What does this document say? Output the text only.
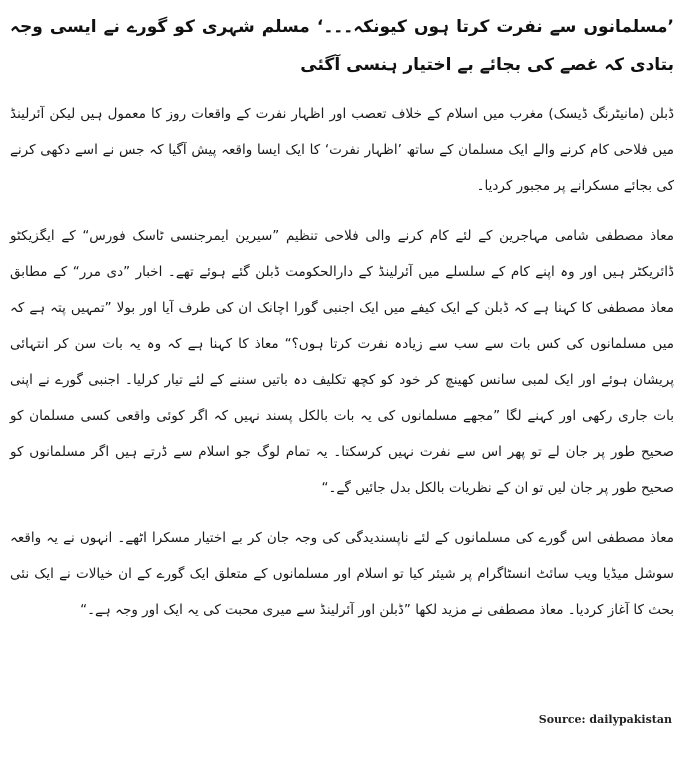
’مسلمانوں سے نفرت کرتا ہوں کیونکہ۔۔۔‘ مسلم شہری کو گورے نے ایسی وجہ بتادی کہ غصے کی بجائے بے اختیار ہنسی آگئی

ڈبلن (مانیٹرنگ ڈیسک) مغرب میں اسلام کے خلاف تعصب اور اظہار نفرت کے واقعات روز کا معمول ہیں لیکن آئرلینڈ میں فلاحی کام کرنے والے ایک مسلمان کے ساتھ ’اظہار نفرت‘ کا ایک ایسا واقعہ پیش آگیا کہ جس نے اسے دکھی کرنے کی بجائے مسکرانے پر مجبور کردیا۔

معاذ مصطفی شامی مہاجرین کے لئے کام کرنے والی فلاحی تنظیم ”سیرین ایمرجنسی ٹاسک فورس“ کے ایگزیکٹو ڈائریکٹر ہیں اور وہ اپنے کام کے سلسلے میں آئرلینڈ کے دارالحکومت ڈبلن گئے ہوئے تھے۔ اخبار ”دی مرر“ کے مطابق معاذ مصطفی کا کہنا ہے کہ ڈبلن کے ایک کیفے میں ایک اجنبی گورا اچانک ان کی طرف آیا اور بولا ”تمہیں پتہ ہے کہ میں مسلمانوں کی کس بات سے سب سے زیادہ نفرت کرتا ہوں؟“ معاذ کا کہنا ہے کہ وہ یہ بات سن کر انتہائی پریشان ہوئے اور ایک لمبی سانس کھینچ کر خود کو کچھ تکلیف دہ باتیں سننے کے لئے تیار کرلیا۔ اجنبی گورے نے اپنی بات جاری رکھی اور کہنے لگا ”مجھے مسلمانوں کی یہ بات بالکل پسند نہیں کہ اگر کوئی واقعی کسی مسلمان کو صحیح طور پر جان لے تو پھر اس سے نفرت نہیں کرسکتا۔ یہ تمام لوگ جو اسلام سے ڈرتے ہیں اگر مسلمانوں کو صحیح طور پر جان لیں تو ان کے نظریات بالکل بدل جائیں گے۔“

معاذ مصطفی اس گورے کی مسلمانوں کے لئے ناپسندیدگی کی وجہ جان کر بے اختیار مسکرا اٹھے۔ انہوں نے یہ واقعہ سوشل میڈیا ویب سائٹ انسٹاگرام پر شیئر کیا تو اسلام اور مسلمانوں کے متعلق ایک گورے کے ان خیالات نے ایک نئی بحث کا آغاز کردیا۔ معاذ مصطفی نے مزید لکھا ”ڈبلن اور آئرلینڈ سے میری محبت کی یہ ایک اور وجہ ہے۔“

Source: dailypakistan
